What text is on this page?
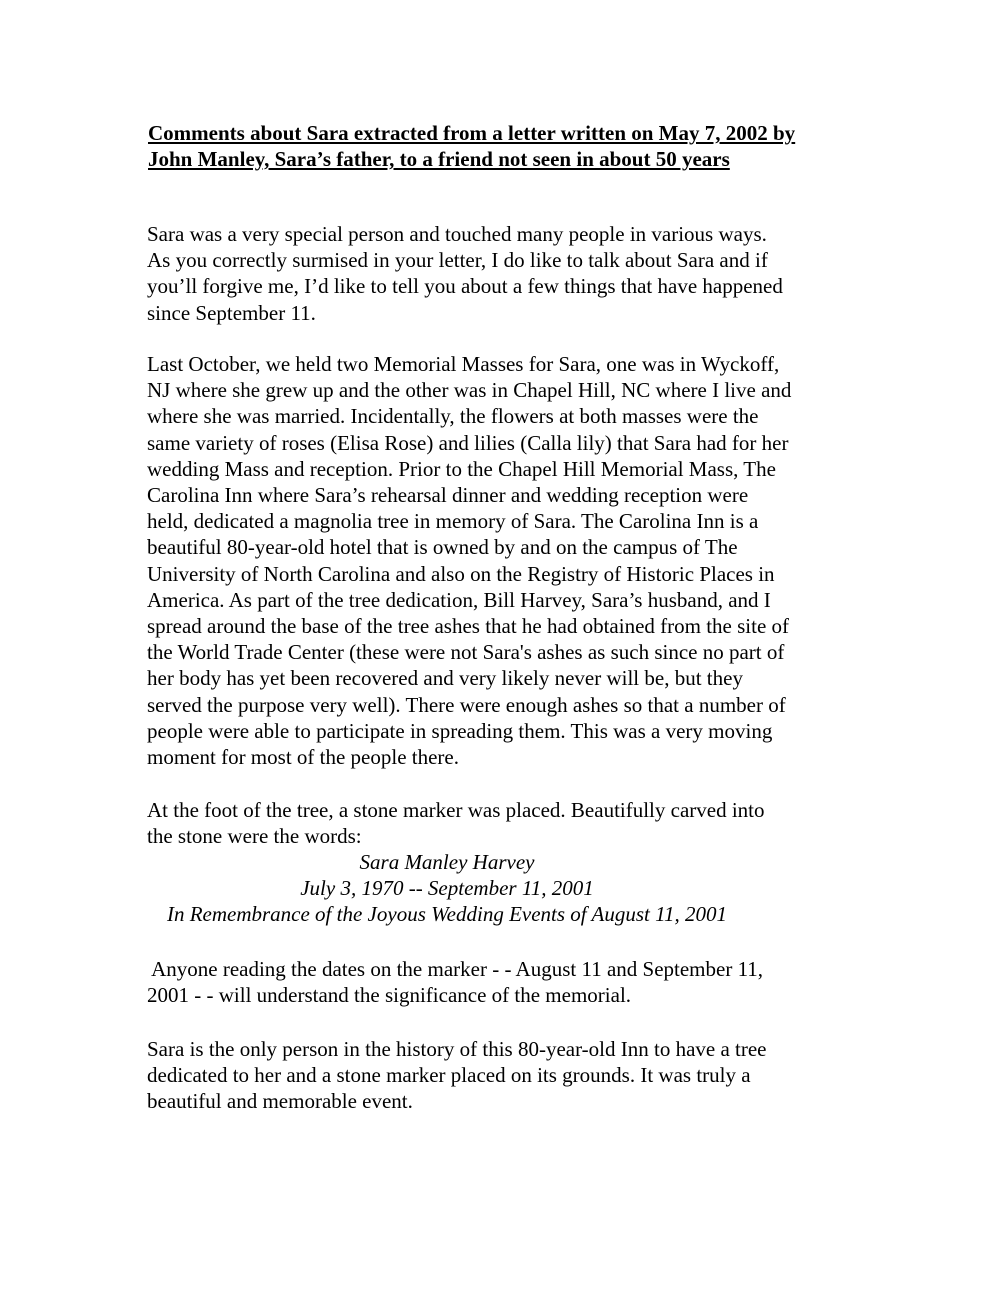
Comments about Sara extracted from a letter written on May 7, 2002 by
John Manley, Sara’s father, to a friend not seen in about 50 years
Sara was a very special person and touched many people in various ways.
As you correctly surmised in your letter, I do like to talk about Sara and if
you’ll forgive me, I’d like to tell you about a few things that have happened
since September 11.
Last October, we held two Memorial Masses for Sara, one was in Wyckoff,
NJ where she grew up and the other was in Chapel Hill, NC where I live and
where she was married. Incidentally, the flowers at both masses were the
same variety of roses (Elisa Rose) and lilies (Calla lily) that Sara had for her
wedding Mass and reception. Prior to the Chapel Hill Memorial Mass, The
Carolina Inn where Sara’s rehearsal dinner and wedding reception were
held, dedicated a magnolia tree in memory of Sara. The Carolina Inn is a
beautiful 80-year-old hotel that is owned by and on the campus of The
University of North Carolina and also on the Registry of Historic Places in
America. As part of the tree dedication, Bill Harvey, Sara’s husband, and I
spread around the base of the tree ashes that he had obtained from the site of
the World Trade Center (these were not Sara's ashes as such since no part of
her body has yet been recovered and very likely never will be, but they
served the purpose very well). There were enough ashes so that a number of
people were able to participate in spreading them. This was a very moving
moment for most of the people there.
At the foot of the tree, a stone marker was placed. Beautifully carved into
the stone were the words:
Sara Manley Harvey
July 3, 1970 -- September 11, 2001
In Remembrance of the Joyous Wedding Events of August 11, 2001
Anyone reading the dates on the marker - - August 11 and September 11,
2001 - - will understand the significance of the memorial.
Sara is the only person in the history of this 80-year-old Inn to have a tree
dedicated to her and a stone marker placed on its grounds. It was truly a
beautiful and memorable event.
